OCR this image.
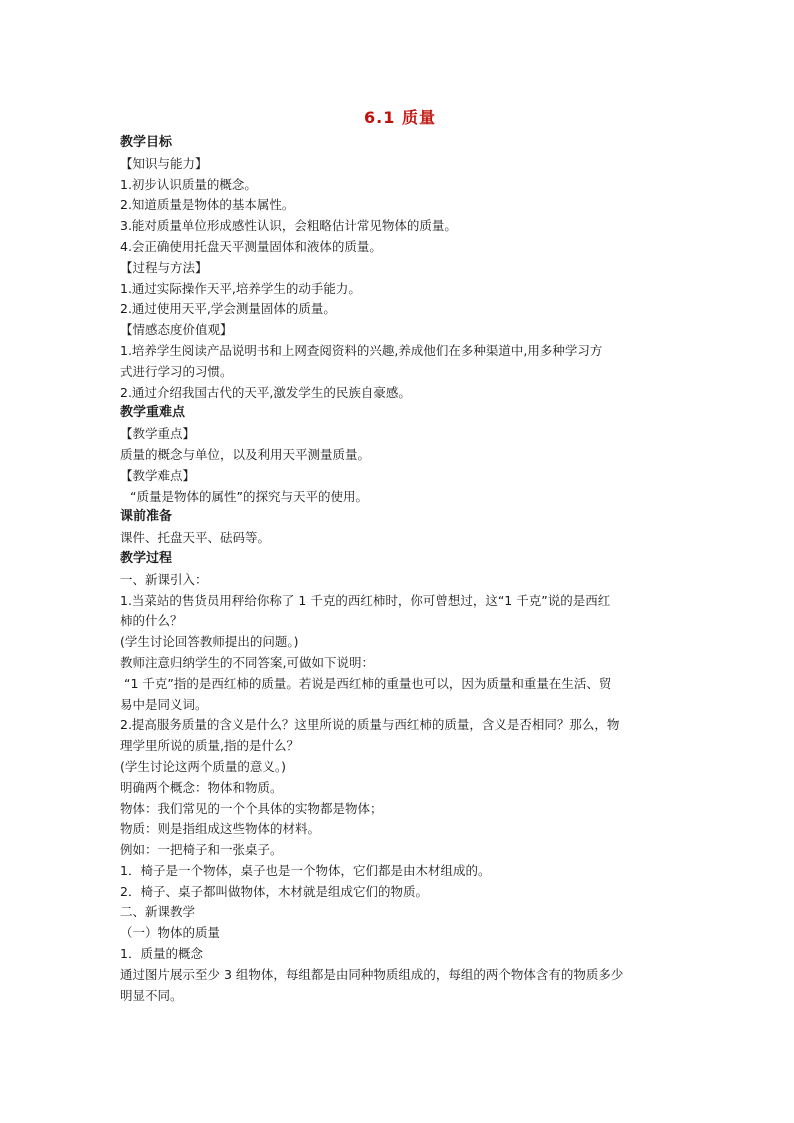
6.1 质量
教学目标
【知识与能力】
1.初步认识质量的概念。
2.知道质量是物体的基本属性。
3.能对质量单位形成感性认识，会粗略估计常见物体的质量。
4.会正确使用托盘天平测量固体和液体的质量。
【过程与方法】
1.通过实际操作天平,培养学生的动手能力。
2.通过使用天平,学会测量固体的质量。
【情感态度价值观】
1.培养学生阅读产品说明书和上网查阅资料的兴趣,养成他们在多种渠道中,用多种学习方
式进行学习的习惯。
2.通过介绍我国古代的天平,激发学生的民族自豪感。
教学重难点
【教学重点】
质量的概念与单位，以及利用天平测量质量。
【教学难点】
“质量是物体的属性”的探究与天平的使用。
课前准备
课件、托盘天平、砝码等。
教学过程
一、新课引入：
1.当菜站的售货员用秤给你称了 1 千克的西红柿时，你可曾想过，这“1 千克”说的是西红
柿的什么？
(学生讨论回答教师提出的问题。)
教师注意归纳学生的不同答案,可做如下说明：
“1 千克”指的是西红柿的质量。若说是西红柿的重量也可以，因为质量和重量在生活、贸
易中是同义词。
2.提高服务质量的含义是什么？这里所说的质量与西红柿的质量，含义是否相同？那么，物
理学里所说的质量,指的是什么？
(学生讨论这两个质量的意义。)
明确两个概念：物体和物质。
物体：我们常见的一个个具体的实物都是物体；
物质：则是指组成这些物体的材料。
例如：一把椅子和一张桌子。
1．椅子是一个物体，桌子也是一个物体，它们都是由木材组成的。
2．椅子、桌子都叫做物体，木材就是组成它们的物质。
二、新课教学
（一）物体的质量
1．质量的概念
通过图片展示至少 3 组物体，每组都是由同种物质组成的，每组的两个物体含有的物质多少
明显不同。
